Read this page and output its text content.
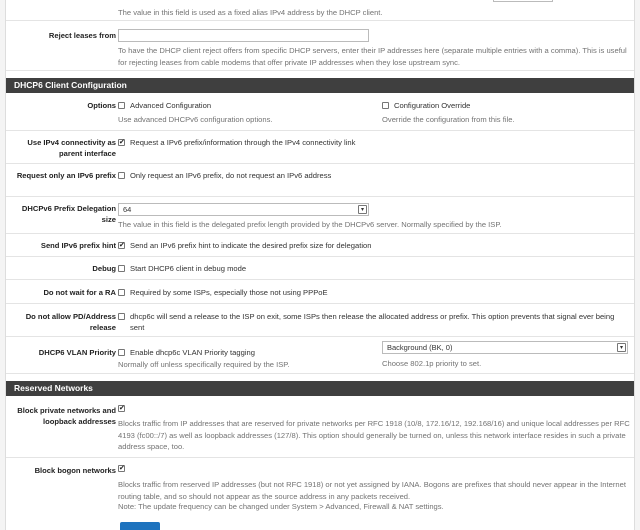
The value in this field is used as a fixed alias IPv4 address by the DHCP client.
Reject leases from
To have the DHCP client reject offers from specific DHCP servers, enter their IP addresses here (separate multiple entries with a comma). This is useful for rejecting leases from cable modems that offer private IP addresses when they lose upstream sync.
DHCP6 Client Configuration
Options Advanced Configuration
Use advanced DHCPv6 configuration options.
Configuration Override
Override the configuration from this file.
Use IPv4 connectivity as parent interface
✔
Request a IPv6 prefix/information through the IPv4 connectivity link
Request only an IPv6 prefix Only request an IPv6 prefix, do not request an IPv6 address
DHCPv6 Prefix Delegation size
64	▾
The value in this field is the delegated prefix length provided by the DHCPv6 server. Normally specified by the ISP.
Send IPv6 prefix hint
✔ Send an IPv6 prefix hint to indicate the desired prefix size for delegation
Debug Start DHCP6 client in debug mode
Do not wait for a RA Required by some ISPs, especially those not using PPPoE
Do not allow PD/Address release
dhcp6c will send a release to the ISP on exit, some ISPs then release the allocated address or prefix. This option prevents that signal ever being sent
DHCP6 VLAN Priority Enable dhcp6c VLAN Priority tagging
Normally off unless specifically required by the ISP.
Background (BK, 0)	▾
Choose 802.1p priority to set.
Reserved Networks
Block private networks and loopback addresses
✔ Blocks traffic from IP addresses that are reserved for private networks per RFC 1918 (10/8, 172.16/12, 192.168/16) and unique local addresses per RFC 4193 (fc00::/7) as well as loopback addresses (127/8). This option should generally be turned on, unless this network interface resides in such a private address space, too.
Block bogon networks
✔
Blocks traffic from reserved IP addresses (but not RFC 1918) or not yet assigned by IANA. Bogons are prefixes that should never appear in the Internet routing table, and so should not appear as the source address in any packets received.
Note: The update frequency can be changed under System > Advanced, Firewall & NAT settings.
